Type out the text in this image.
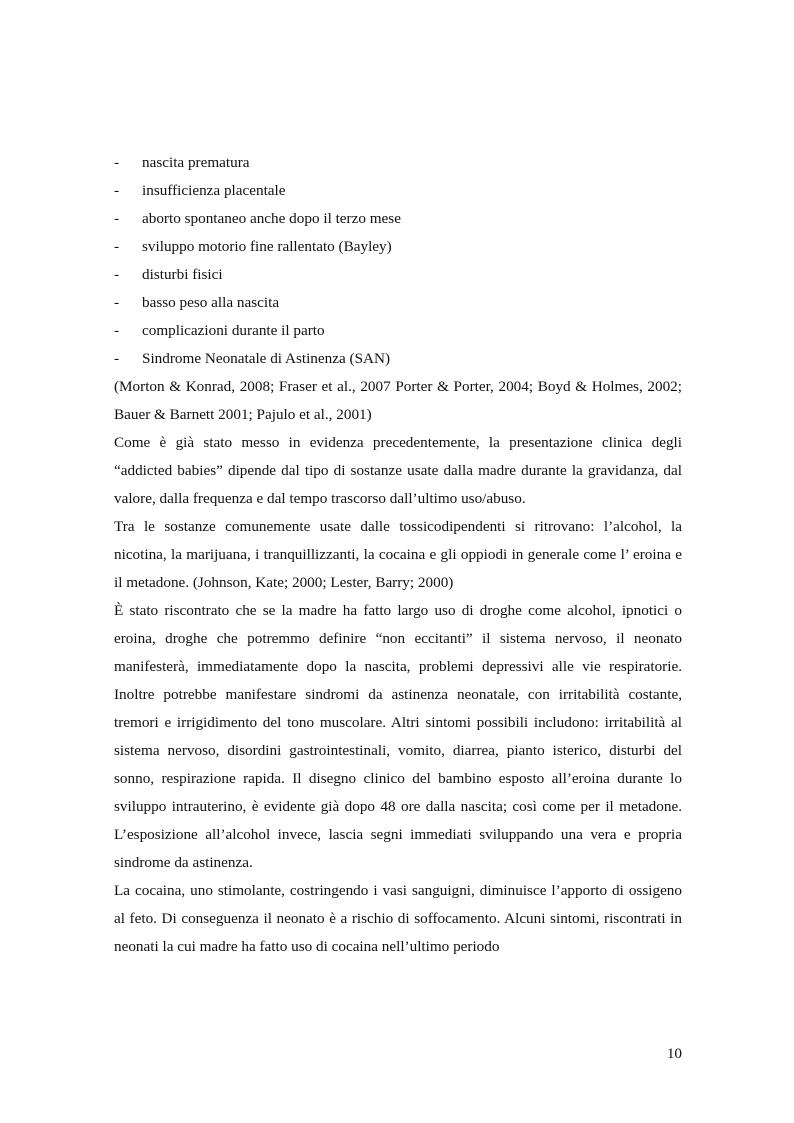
-	nascita prematura
-	insufficienza placentale
-	aborto spontaneo anche dopo il terzo mese
-	sviluppo motorio fine rallentato (Bayley)
-	disturbi fisici
-	basso peso alla nascita
-	complicazioni durante il parto
-	Sindrome Neonatale di Astinenza (SAN)

(Morton & Konrad, 2008; Fraser et al., 2007 Porter & Porter, 2004; Boyd & Holmes, 2002; Bauer & Barnett 2001; Pajulo et al., 2001)

Come è già stato messo in evidenza precedentemente, la presentazione clinica degli “addicted babies” dipende dal tipo di sostanze usate dalla madre durante la gravidanza, dal valore, dalla frequenza e dal tempo trascorso dall’ultimo uso/abuso.

Tra le sostanze comunemente usate dalle tossicodipendenti si ritrovano: l’alcohol, la nicotina, la marijuana, i tranquillizzanti, la cocaina e gli oppiodi in generale come l’ eroina e il metadone. (Johnson, Kate; 2000; Lester, Barry; 2000)

È stato riscontrato che se la madre ha fatto largo uso di droghe come alcohol, ipnotici o eroina, droghe che potremmo definire “non eccitanti” il sistema nervoso, il neonato manifesterà, immediatamente dopo la nascita, problemi depressivi alle vie respiratorie. Inoltre potrebbe manifestare sindromi da astinenza neonatale, con irritabilità costante, tremori e irrigidimento del tono muscolare. Altri sintomi possibili includono: irritabilità al sistema nervoso, disordini gastrointestinali, vomito, diarrea, pianto isterico, disturbi del sonno, respirazione rapida. Il disegno clinico del bambino esposto all’eroina durante lo sviluppo intrauterino, è evidente già dopo 48 ore dalla nascita; così come per il metadone. L’esposizione all’alcohol invece, lascia segni immediati sviluppando una vera e propria sindrome da astinenza.

La cocaina, uno stimolante, costringendo i vasi sanguigni, diminuisce l’apporto di ossigeno al feto. Di conseguenza il neonato è a rischio di soffocamento. Alcuni sintomi, riscontrati in neonati la cui madre ha fatto uso di cocaina nell’ultimo periodo

10
